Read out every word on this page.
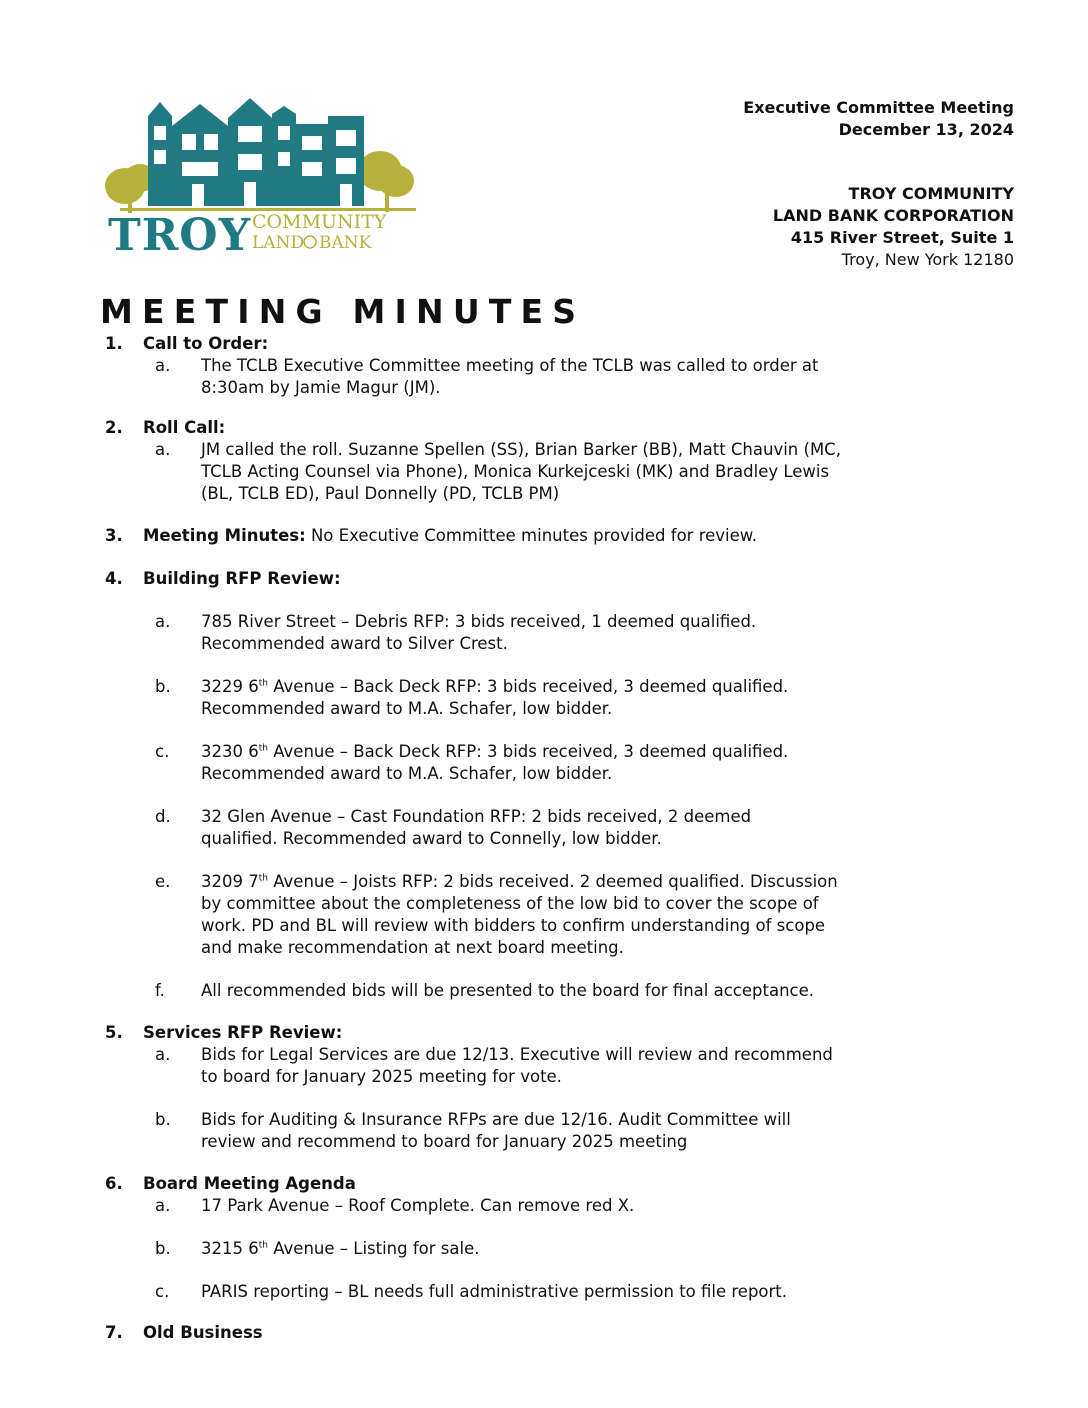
TROY COMMUNITY
LAND BANK
Executive Committee Meeting
December 13, 2024
TROY COMMUNITY
LAND BANK CORPORATION
415 River Street, Suite 1
Troy, New York 12180
MEETING MINUTES
1.	Call to Order:
a. The TCLB Executive Committee meeting of the TCLB was called to order at
8:30am by Jamie Magur (JM).
2.	Roll Call:
a. JM called the roll. Suzanne Spellen (SS), Brian Barker (BB), Matt Chauvin (MC,
TCLB Acting Counsel via Phone), Monica Kurkejceski (MK) and Bradley Lewis
(BL, TCLB ED), Paul Donnelly (PD, TCLB PM)
3.	Meeting Minutes: No Executive Committee minutes provided for review.
4.	Building RFP Review:
a. 785 River Street – Debris RFP: 3 bids received, 1 deemed qualified.
Recommended award to Silver Crest.
b. 3229 6th Avenue – Back Deck RFP: 3 bids received, 3 deemed qualified.
Recommended award to M.A. Schafer, low bidder.
c. 3230 6th Avenue – Back Deck RFP: 3 bids received, 3 deemed qualified.
Recommended award to M.A. Schafer, low bidder.
d. 32 Glen Avenue – Cast Foundation RFP: 2 bids received, 2 deemed
qualified. Recommended award to Connelly, low bidder.
e. 3209 7th Avenue – Joists RFP: 2 bids received. 2 deemed qualified. Discussion
by committee about the completeness of the low bid to cover the scope of
work. PD and BL will review with bidders to confirm understanding of scope
and make recommendation at next board meeting.
f. All recommended bids will be presented to the board for final acceptance.
5.	Services RFP Review:
a. Bids for Legal Services are due 12/13. Executive will review and recommend
to board for January 2025 meeting for vote.
b. Bids for Auditing & Insurance RFPs are due 12/16. Audit Committee will
review and recommend to board for January 2025 meeting
6.	Board Meeting Agenda
a. 17 Park Avenue – Roof Complete. Can remove red X.
b. 3215 6th Avenue – Listing for sale.
c. PARIS reporting – BL needs full administrative permission to file report.
7.	Old Business
